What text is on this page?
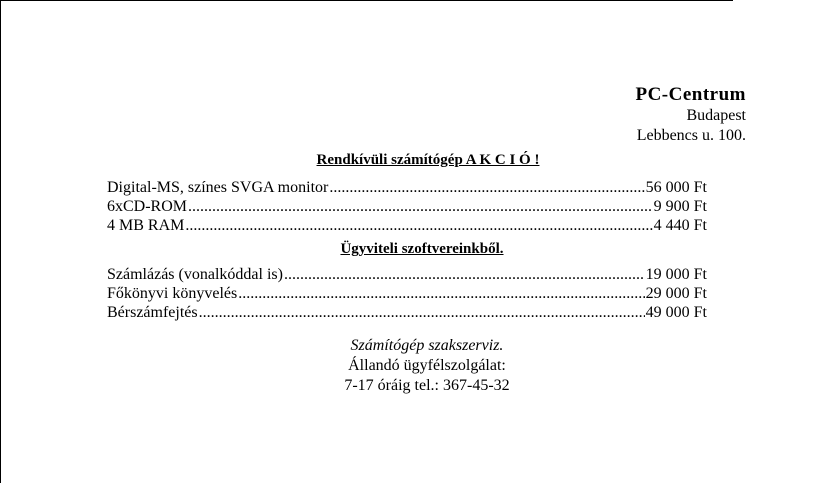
PC-Centrum
Budapest
Lebbencs u. 100.
Rendkívüli számítógép A K C I Ó !
Digital-MS, színes SVGA monitor .....	56 000 Ft
6xCD-ROM .....	9 900 Ft
4 MB RAM .....	4 440 Ft
Ügyviteli szoftvereinkből.
Számlázás (vonalkóddal is) .....	19 000 Ft
Főkönyvi könyvelés .....	29 000 Ft
Bérszámfejtés .....	49 000 Ft
Számítógép szakszerviz.
Állandó ügyfélszolgálat:
7-17 óráig tel.: 367-45-32
